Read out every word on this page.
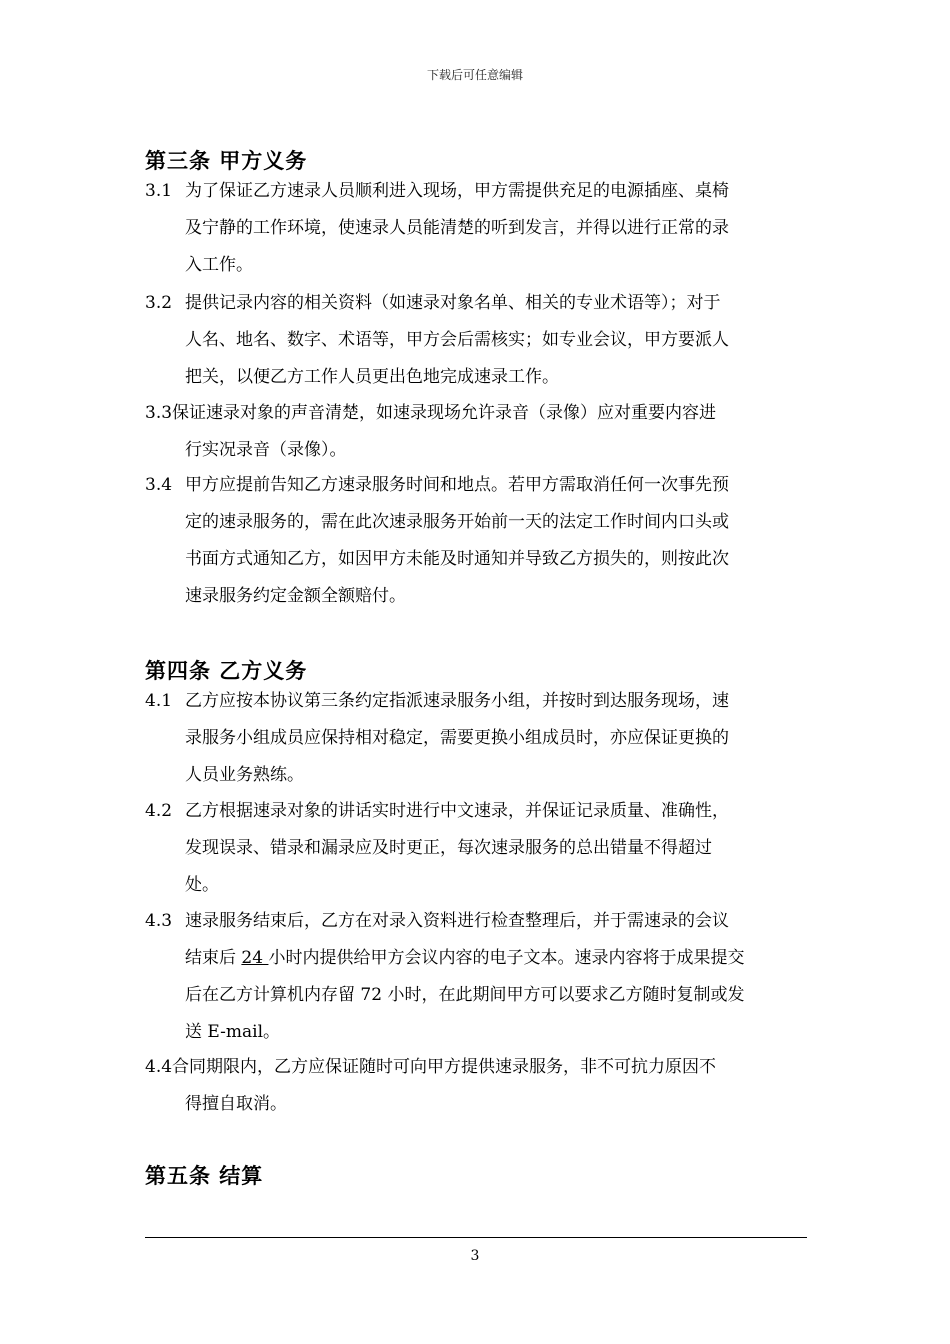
下载后可任意编辑
第三条 甲方义务
3.1 为了保证乙方速录人员顺利进入现场，甲方需提供充足的电源插座、桌椅
及宁静的工作环境，使速录人员能清楚的听到发言，并得以进行正常的录
入工作。
3.2 提供记录内容的相关资料（如速录对象名单、相关的专业术语等）；对于
人名、地名、数字、术语等，甲方会后需核实；如专业会议，甲方要派人
把关，以便乙方工作人员更出色地完成速录工作。
3.3保证速录对象的声音清楚，如速录现场允许录音（录像）应对重要内容进
行实况录音（录像）。
3.4 甲方应提前告知乙方速录服务时间和地点。若甲方需取消任何一次事先预
定的速录服务的，需在此次速录服务开始前一天的法定工作时间内口头或
书面方式通知乙方，如因甲方未能及时通知并导致乙方损失的，则按此次
速录服务约定金额全额赔付。
第四条 乙方义务
4.1 乙方应按本协议第三条约定指派速录服务小组，并按时到达服务现场，速
录服务小组成员应保持相对稳定，需要更换小组成员时，亦应保证更换的
人员业务熟练。
4.2 乙方根据速录对象的讲话实时进行中文速录，并保证记录质量、准确性，
发现误录、错录和漏录应及时更正，每次速录服务的总出错量不得超过
处。
4.3 速录服务结束后，乙方在对录入资料进行检查整理后，并于需速录的会议
结束后 24 小时内提供给甲方会议内容的电子文本。速录内容将于成果提交
后在乙方计算机内存留 72 小时，在此期间甲方可以要求乙方随时复制或发
送 E-mail。
4.4合同期限内，乙方应保证随时可向甲方提供速录服务，非不可抗力原因不
得擅自取消。
第五条 结算
3
